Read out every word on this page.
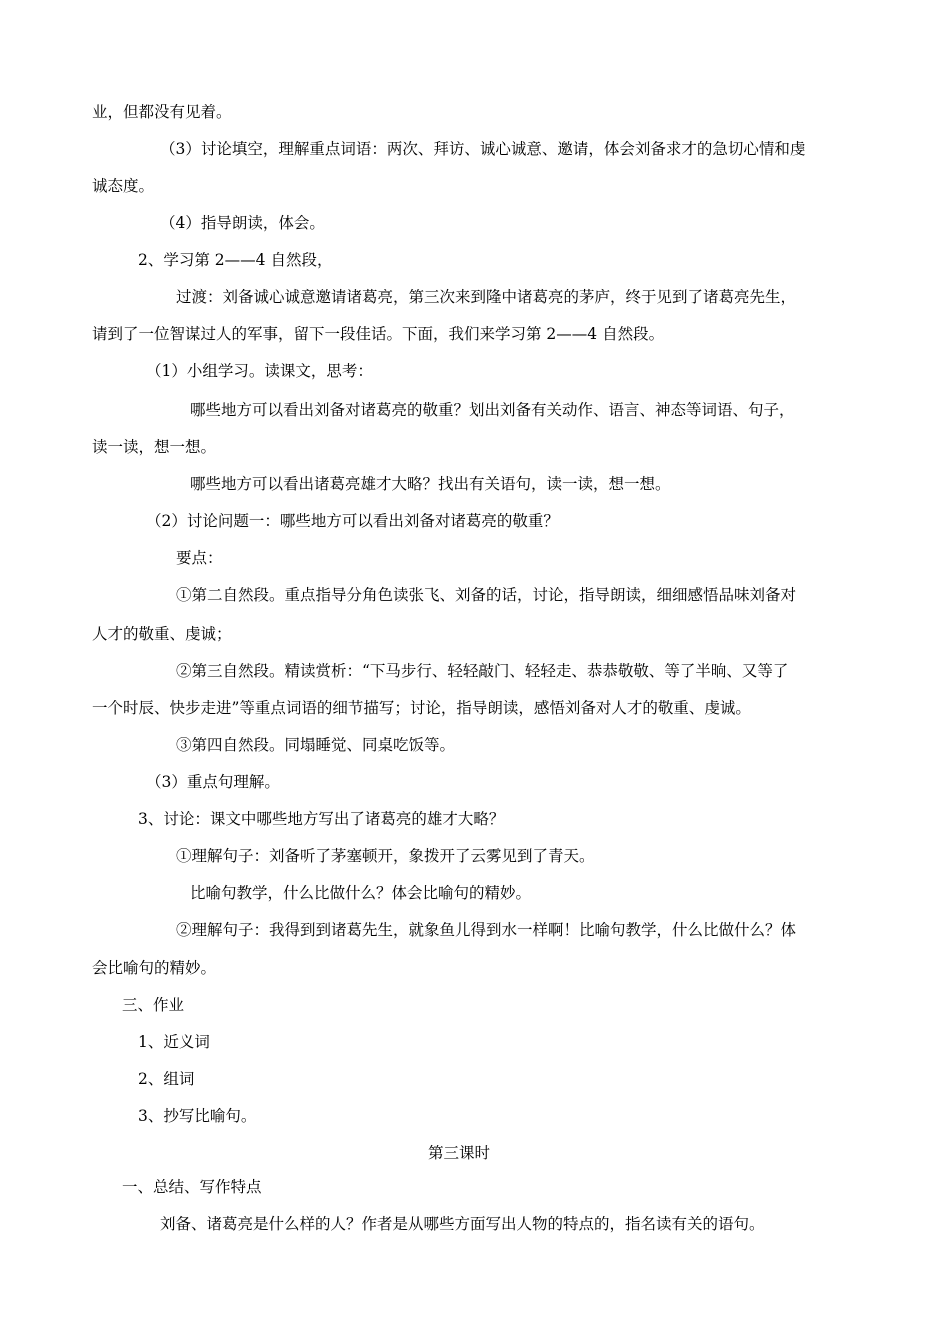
业，但都没有见着。
（3）讨论填空，理解重点词语：两次、拜访、诚心诚意、邀请，体会刘备求才的急切心情和虔
诚态度。
（4）指导朗读，体会。
2、学习第 2——4 自然段，
过渡：刘备诚心诚意邀请诸葛亮，第三次来到隆中诸葛亮的茅庐，终于见到了诸葛亮先生，
请到了一位智谋过人的军事，留下一段佳话。下面，我们来学习第 2——4 自然段。
（1）小组学习。读课文，思考：
哪些地方可以看出刘备对诸葛亮的敬重？划出刘备有关动作、语言、神态等词语、句子，
读一读，想一想。
哪些地方可以看出诸葛亮雄才大略？找出有关语句，读一读，想一想。
（2）讨论问题一：哪些地方可以看出刘备对诸葛亮的敬重？
要点：
①第二自然段。重点指导分角色读张飞、刘备的话，讨论，指导朗读，细细感悟品味刘备对
人才的敬重、虔诚；
②第三自然段。精读赏析：“下马步行、轻轻敲门、轻轻走、恭恭敬敬、等了半晌、又等了
一个时辰、快步走进”等重点词语的细节描写；讨论，指导朗读，感悟刘备对人才的敬重、虔诚。
③第四自然段。同塌睡觉、同桌吃饭等。
（3）重点句理解。
3、讨论：课文中哪些地方写出了诸葛亮的雄才大略？
①理解句子：刘备听了茅塞顿开，象拨开了云雾见到了青天。
比喻句教学，什么比做什么？体会比喻句的精妙。
②理解句子：我得到到诸葛先生，就象鱼儿得到水一样啊！比喻句教学，什么比做什么？体
会比喻句的精妙。
三、作业
1、近义词
2、组词
3、抄写比喻句。
第三课时
一、总结、写作特点
刘备、诸葛亮是什么样的人？作者是从哪些方面写出人物的特点的，指名读有关的语句。
